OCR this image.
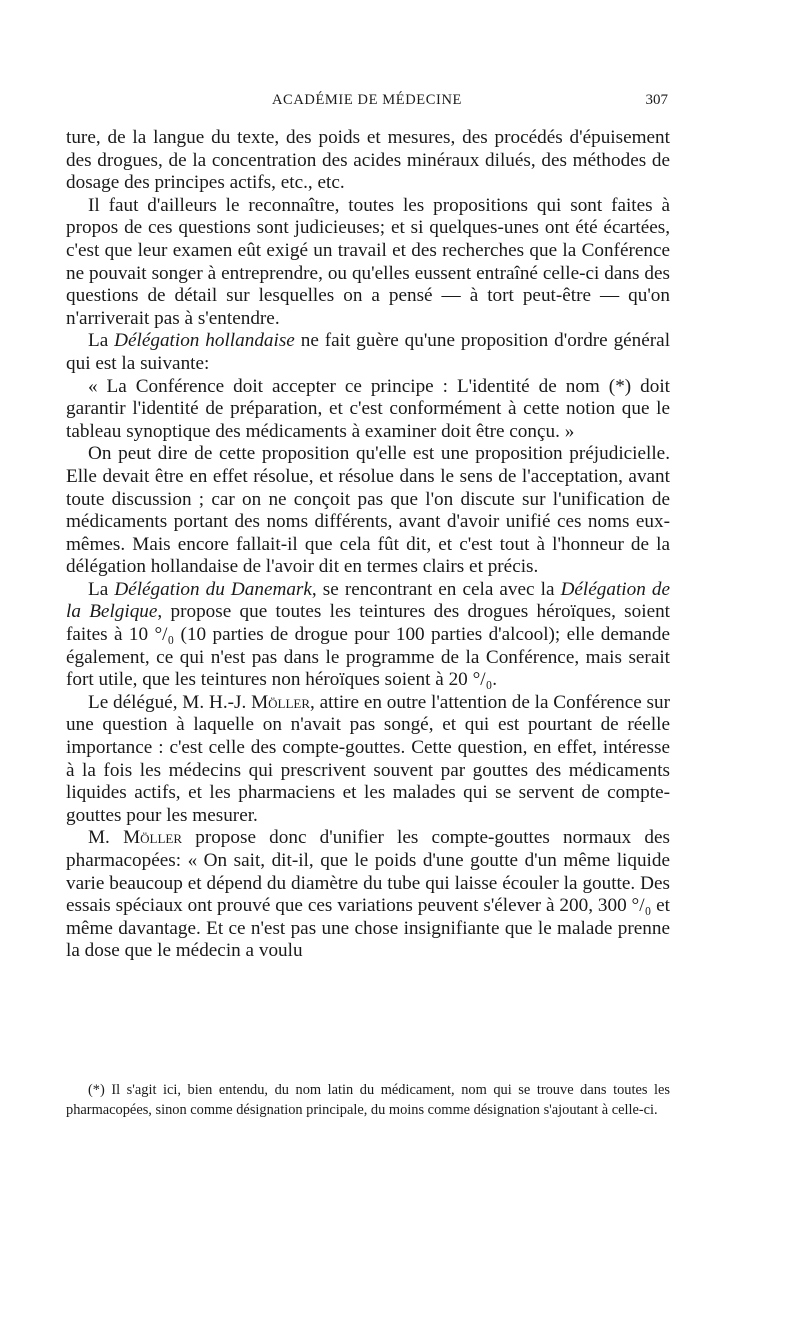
ACADÉMIE DE MÉDECINE	307

ture, de la langue du texte, des poids et mesures, des procédés d'épuisement des drogues, de la concentration des acides minéraux dilués, des méthodes de dosage des principes actifs, etc., etc.

Il faut d'ailleurs le reconnaître, toutes les propositions qui sont faites à propos de ces questions sont judicieuses; et si quelques-unes ont été écartées, c'est que leur examen eût exigé un travail et des recherches que la Conférence ne pouvait songer à entreprendre, ou qu'elles eussent entraîné celle-ci dans des questions de détail sur lesquelles on a pensé — à tort peut-être — qu'on n'arriverait pas à s'entendre.

La Délégation hollandaise ne fait guère qu'une proposition d'ordre général qui est la suivante:

« La Conférence doit accepter ce principe : L'identité de nom (*) doit garantir l'identité de préparation, et c'est conformément à cette notion que le tableau synoptique des médicaments à examiner doit être conçu. »

On peut dire de cette proposition qu'elle est une proposition préjudicielle. Elle devait être en effet résolue, et résolue dans le sens de l'acceptation, avant toute discussion ; car on ne conçoit pas que l'on discute sur l'unification de médicaments portant des noms différents, avant d'avoir unifié ces noms eux-mêmes. Mais encore fallait-il que cela fût dit, et c'est tout à l'honneur de la délégation hollandaise de l'avoir dit en termes clairs et précis.

La Délégation du Danemark, se rencontrant en cela avec la Délégation de la Belgique, propose que toutes les teintures des drogues héroïques, soient faites à 10 °/₀ (10 parties de drogue pour 100 parties d'alcool); elle demande également, ce qui n'est pas dans le programme de la Conférence, mais serait fort utile, que les teintures non héroïques soient à 20 °/₀.

Le délégué, M. H.-J. Möller, attire en outre l'attention de la Conférence sur une question à laquelle on n'avait pas songé, et qui est pourtant de réelle importance : c'est celle des compte-gouttes. Cette question, en effet, intéresse à la fois les médecins qui prescrivent souvent par gouttes des médicaments liquides actifs, et les pharmaciens et les malades qui se servent de compte-gouttes pour les mesurer.

M. Möller propose donc d'unifier les compte-gouttes normaux des pharmacopées: « On sait, dit-il, que le poids d'une goutte d'un même liquide varie beaucoup et dépend du diamètre du tube qui laisse écouler la goutte. Des essais spéciaux ont prouvé que ces variations peuvent s'élever à 200, 300 °/₀ et même davantage. Et ce n'est pas une chose insignifiante que le malade prenne la dose que le médecin a voulu

(*) Il s'agit ici, bien entendu, du nom latin du médicament, nom qui se trouve dans toutes les pharmacopées, sinon comme désignation principale, du moins comme désignation s'ajoutant à celle-ci.
